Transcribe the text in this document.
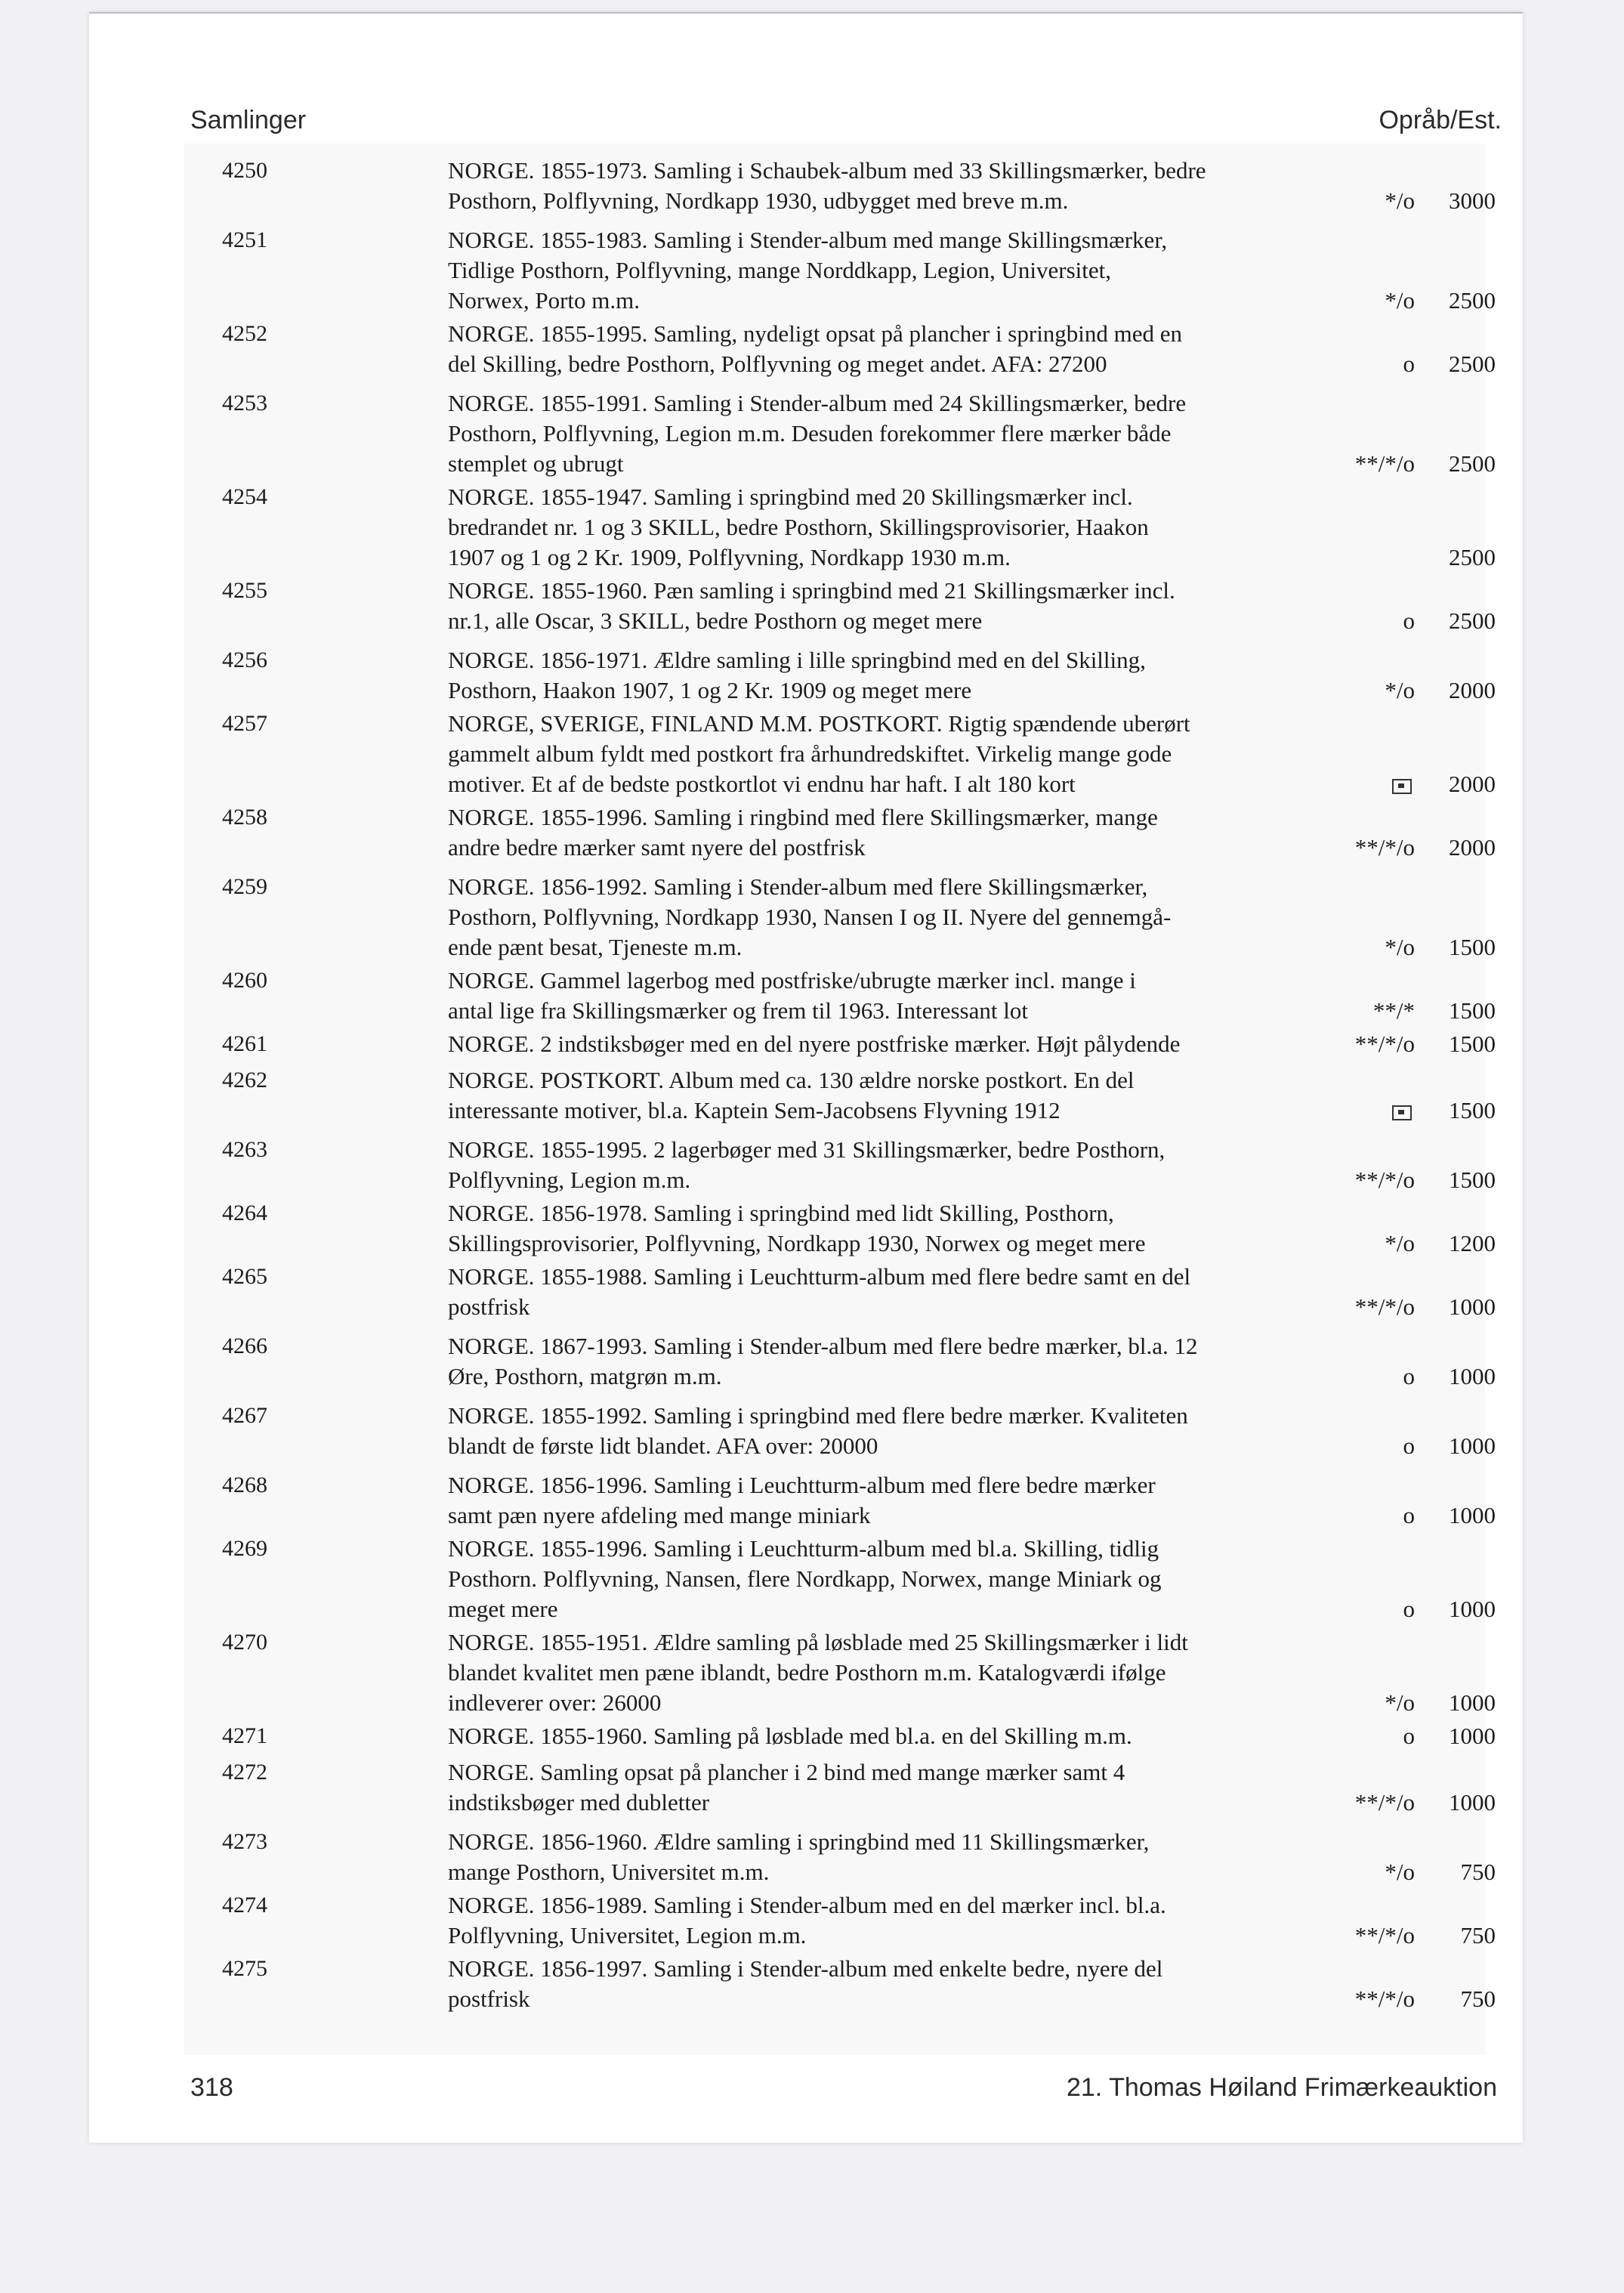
Samlinger	Opråb/Est.
4250	NORGE. 1855-1973. Samling i Schaubek-album med 33 Skillingsmærker, bedre
Posthorn, Polflyvning, Nordkapp 1930, udbygget med breve m.m.	*/o 3000
4251	NORGE. 1855-1983. Samling i Stender-album med mange Skillingsmærker,
Tidlige Posthorn, Polflyvning, mange Norddkapp, Legion, Universitet,
Norwex, Porto m.m.	*/o 2500
4252	NORGE. 1855-1995. Samling, nydeligt opsat på plancher i springbind med en
del Skilling, bedre Posthorn, Polflyvning og meget andet. AFA: 27200	o 2500
4253	NORGE. 1855-1991. Samling i Stender-album med 24 Skillingsmærker, bedre
Posthorn, Polflyvning, Legion m.m. Desuden forekommer flere mærker både
stemplet og ubrugt	**/*/o 2500
4254	NORGE. 1855-1947. Samling i springbind med 20 Skillingsmærker incl.
bredrandet nr. 1 og 3 SKILL, bedre Posthorn, Skillingsprovisorier, Haakon
1907 og 1 og 2 Kr. 1909, Polflyvning, Nordkapp 1930 m.m.	2500
4255	NORGE. 1855-1960. Pæn samling i springbind med 21 Skillingsmærker incl.
nr.1, alle Oscar, 3 SKILL, bedre Posthorn og meget mere	o 2500
4256	NORGE. 1856-1971. Ældre samling i lille springbind med en del Skilling,
Posthorn, Haakon 1907, 1 og 2 Kr. 1909 og meget mere	*/o 2000
4257	NORGE, SVERIGE, FINLAND M.M. POSTKORT. Rigtig spændende uberørt
gammelt album fyldt med postkort fra århundredskiftet. Virkelig mange gode
motiver. Et af de bedste postkortlot vi endnu har haft. I alt 180 kort	2000
4258	NORGE. 1855-1996. Samling i ringbind med flere Skillingsmærker, mange
andre bedre mærker samt nyere del postfrisk	**/*/o 2000
4259	NORGE. 1856-1992. Samling i Stender-album med flere Skillingsmærker,
Posthorn, Polflyvning, Nordkapp 1930, Nansen I og II. Nyere del gennemgå-
ende pænt besat, Tjeneste m.m.	*/o 1500
4260	NORGE. Gammel lagerbog med postfriske/ubrugte mærker incl. mange i
antal lige fra Skillingsmærker og frem til 1963. Interessant lot	**/* 1500
4261	NORGE. 2 indstiksbøger med en del nyere postfriske mærker. Højt pålydende	**/*/o 1500
4262	NORGE. POSTKORT. Album med ca. 130 ældre norske postkort. En del
interessante motiver, bl.a. Kaptein Sem-Jacobsens Flyvning 1912	1500
4263	NORGE. 1855-1995. 2 lagerbøger med 31 Skillingsmærker, bedre Posthorn,
Polflyvning, Legion m.m.	**/*/o 1500
4264	NORGE. 1856-1978. Samling i springbind med lidt Skilling, Posthorn,
Skillingsprovisorier, Polflyvning, Nordkapp 1930, Norwex og meget mere	*/o 1200
4265	NORGE. 1855-1988. Samling i Leuchtturm-album med flere bedre samt en del
postfrisk	**/*/o 1000
4266	NORGE. 1867-1993. Samling i Stender-album med flere bedre mærker, bl.a. 12
Øre, Posthorn, matgrøn m.m.	o 1000
4267	NORGE. 1855-1992. Samling i springbind med flere bedre mærker. Kvaliteten
blandt de første lidt blandet. AFA over: 20000	o 1000
4268	NORGE. 1856-1996. Samling i Leuchtturm-album med flere bedre mærker
samt pæn nyere afdeling med mange miniark	o 1000
4269	NORGE. 1855-1996. Samling i Leuchtturm-album med bl.a. Skilling, tidlig
Posthorn. Polflyvning, Nansen, flere Nordkapp, Norwex, mange Miniark og
meget mere	o 1000
4270	NORGE. 1855-1951. Ældre samling på løsblade med 25 Skillingsmærker i lidt
blandet kvalitet men pæne iblandt, bedre Posthorn m.m. Katalogværdi ifølge
indleverer over: 26000	*/o 1000
4271	NORGE. 1855-1960. Samling på løsblade med bl.a. en del Skilling m.m.	o 1000
4272	NORGE. Samling opsat på plancher i 2 bind med mange mærker samt 4
indstiksbøger med dubletter	**/*/o 1000
4273	NORGE. 1856-1960. Ældre samling i springbind med 11 Skillingsmærker,
mange Posthorn, Universitet m.m.	*/o 750
4274	NORGE. 1856-1989. Samling i Stender-album med en del mærker incl. bl.a.
Polflyvning, Universitet, Legion m.m.	**/*/o 750
4275	NORGE. 1856-1997. Samling i Stender-album med enkelte bedre, nyere del
postfrisk	**/*/o 750
318	21. Thomas Høiland Frimærkeauktion
